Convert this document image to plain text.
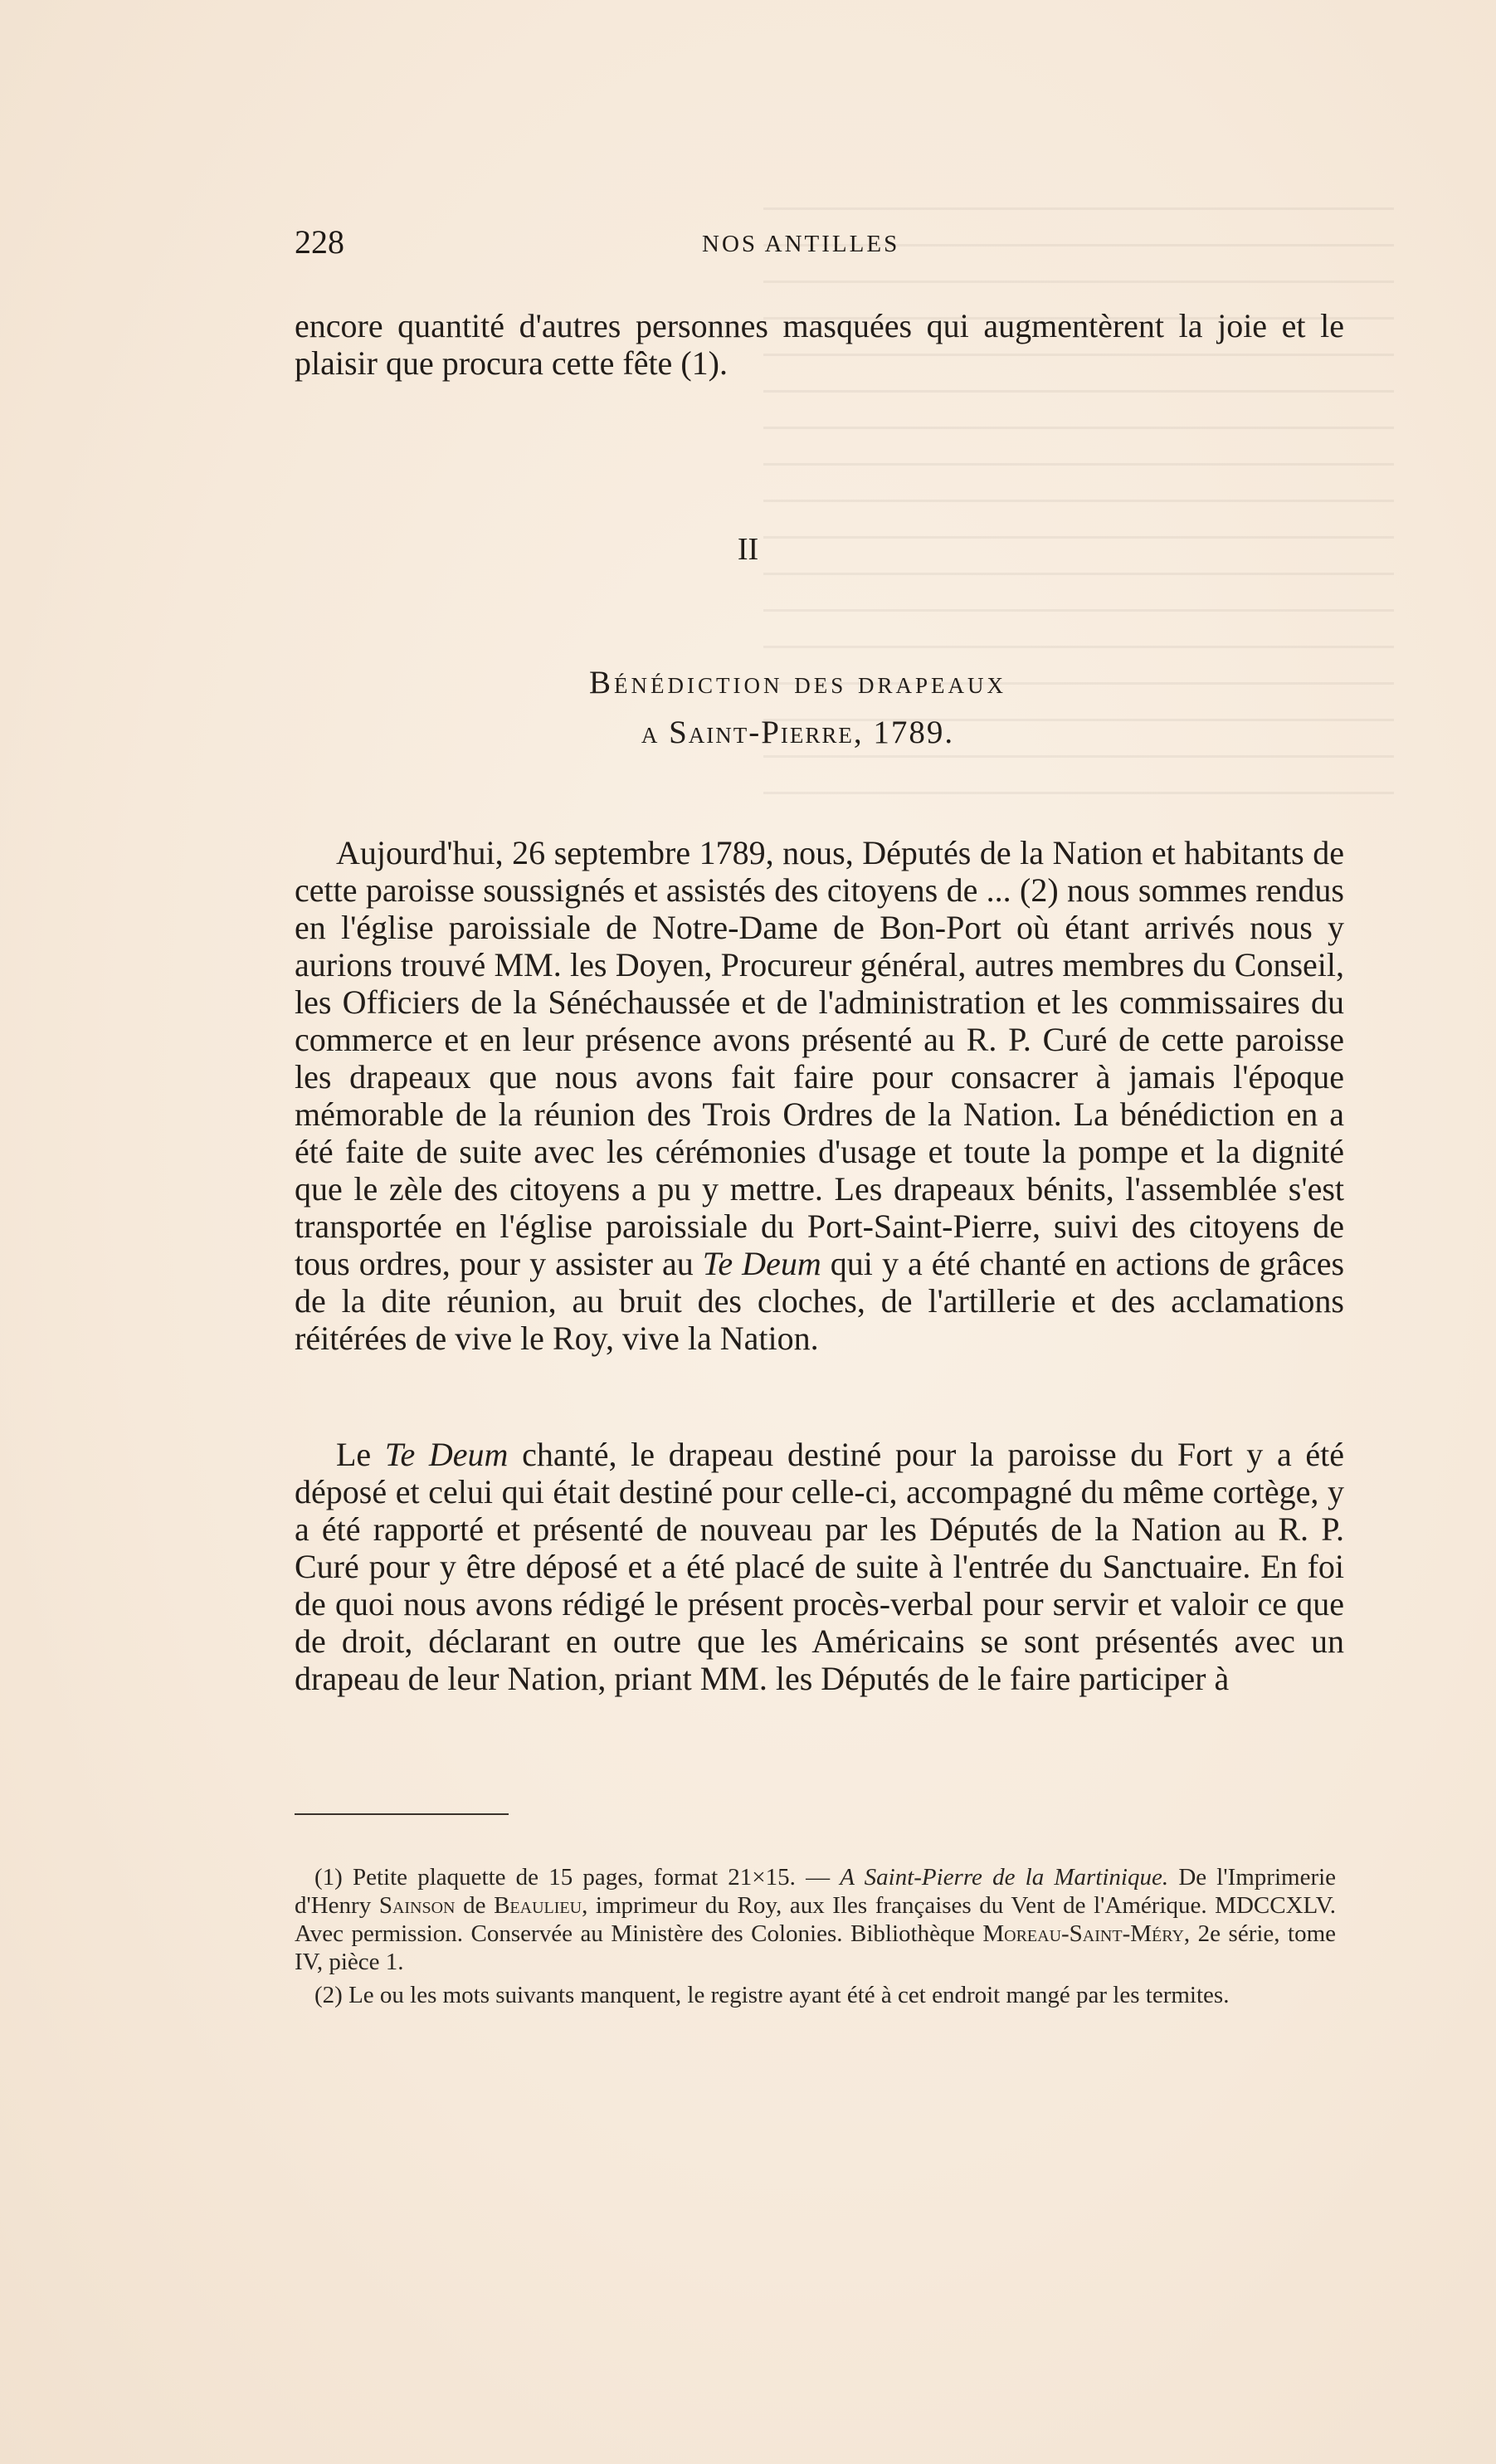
228	NOS ANTILLES

encore quantité d'autres personnes masquées qui augmentèrent la joie et le plaisir que procura cette fête (1).

II
Bénédiction des drapeaux
a Saint-Pierre, 1789.

Aujourd'hui, 26 septembre 1789, nous, Députés de la Nation et habitants de cette paroisse soussignés et assistés des citoyens de ... (2) nous sommes rendus en l'église paroissiale de Notre-Dame de Bon-Port où étant arrivés nous y aurions trouvé MM. les Doyen, Procureur général, autres membres du Conseil, les Officiers de la Sénéchaussée et de l'administration et les commissaires du commerce et en leur présence avons présenté au R. P. Curé de cette paroisse les drapeaux que nous avons fait faire pour consacrer à jamais l'époque mémorable de la réunion des Trois Ordres de la Nation. La bénédiction en a été faite de suite avec les cérémonies d'usage et toute la pompe et la dignité que le zèle des citoyens a pu y mettre. Les drapeaux bénits, l'assemblée s'est transportée en l'église paroissiale du Port-Saint-Pierre, suivi des citoyens de tous ordres, pour y assister au Te Deum qui y a été chanté en actions de grâces de la dite réunion, au bruit des cloches, de l'artillerie et des acclamations réitérées de vive le Roy, vive la Nation.

Le Te Deum chanté, le drapeau destiné pour la paroisse du Fort y a été déposé et celui qui était destiné pour celle-ci, accompagné du même cortège, y a été rapporté et présenté de nouveau par les Députés de la Nation au R. P. Curé pour y être déposé et a été placé de suite à l'entrée du Sanctuaire. En foi de quoi nous avons rédigé le présent procès-verbal pour servir et valoir ce que de droit, déclarant en outre que les Américains se sont présentés avec un drapeau de leur Nation, priant MM. les Députés de le faire participer à

(1) Petite plaquette de 15 pages, format 21×15. — A Saint-Pierre de la Martinique. De l'Imprimerie d'Henry Sainson de Beaulieu, imprimeur du Roy, aux Iles françaises du Vent de l'Amérique. MDCCXLV. Avec permission. Conservée au Ministère des Colonies. Bibliothèque Moreau-Saint-Méry, 2e série, tome IV, pièce 1.

(2) Le ou les mots suivants manquent, le registre ayant été à cet endroit mangé par les termites.
